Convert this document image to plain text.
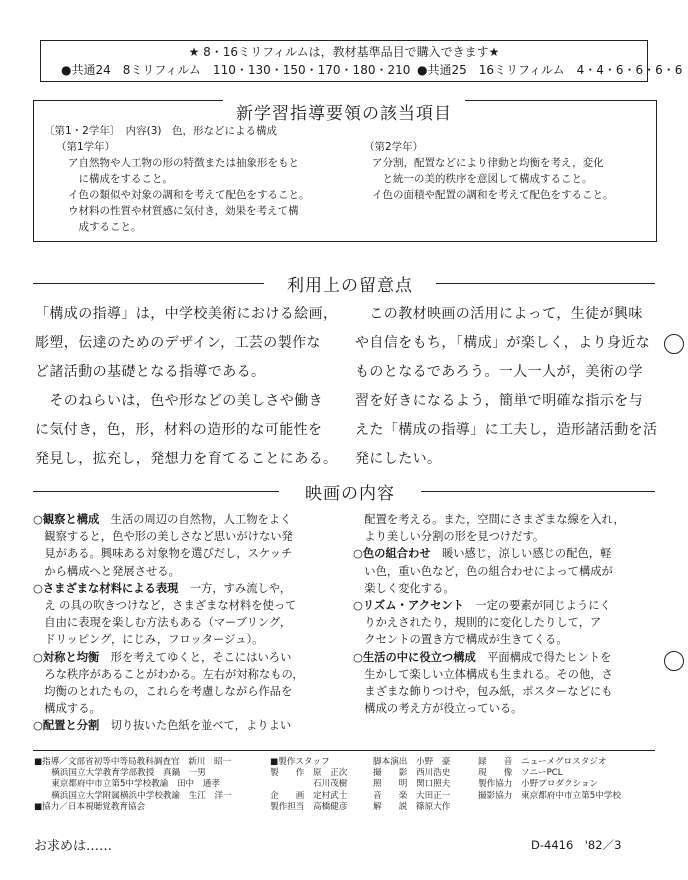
★ 8・16ミリフィルムは，教材基準品目で購入できます★
●共通24　8ミリフィルム　110・130・150・170・180・210 ●共通25　16ミリフィルム　4・4・6・6・6・6
新学習指導要領の該当項目
〔第1・2学年〕　内容(3)　色，形などによる構成
（第1学年）
ア自然物や人工物の形の特徴または抽象形をもと
　に構成をすること。
イ色の類似や対象の調和を考えて配色をすること。
ウ材料の性質や材質感に気付き，効果を考えて構
　成すること。
（第2学年）
ア分割，配置などにより律動と均衡を考え，変化
　と統一の美的秩序を意図して構成すること。
イ色の面積や配置の調和を考えて配色をすること。
利用上の留意点
「構成の指導」は，中学校美術における絵画，
彫塑，伝達のためのデザイン，工芸の製作な
ど諸活動の基礎となる指導である。
　そのねらいは，色や形などの美しさや働き
に気付き，色，形，材料の造形的な可能性を
発見し，拡充し，発想力を育てることにある。
　この教材映画の活用によって，生徒が興味
や自信をもち，「構成」が楽しく，より身近な
ものとなるであろう。一人一人が，美術の学
習を好きになるよう，簡単で明確な指示を与
えた「構成の指導」に工夫し，造形諸活動を活
発にしたい。
映画の内容
○観察と構成　生活の周辺の自然物，人工物をよく
　観察すると，色や形の美しさなど思いがけない発
　見がある。興味ある対象物を選びだし，スケッチ
　から構成へと発展させる。
○さまざまな材料による表現　一方，すみ流しや，
　え の具の吹きつけなど，さまざまな材料を使って
　自由に表現を楽しむ方法もある（マーブリング，
　ドリッピング，にじみ，フロッタージュ）。
○対称と均衡　形を考えてゆくと，そこにはいろい
　ろな秩序があることがわかる。左右が対称なもの，
　均衡のとれたもの，これらを考慮しながら作品を
　構成する。
○配置と分割　切り抜いた色紙を並べて，よりよい
　配置を考える。また，空間にさまざまな線を入れ，
　より美しい分割の形を見つけだす。
○色の組合わせ　暖い感じ，涼しい感じの配色，軽
　い色，重い色など，色の組合わせによって構成が
　楽しく変化する。
○リズム・アクセント　一定の要素が同じようにく
　りかえされたり，規則的に変化したりして，ア
　クセントの置き方で構成が生きてくる。
○生活の中に役立つ構成　平面構成で得たヒントを
　生かして楽しい立体構成も生まれる。その他，さ
　まざまな飾りつけや，包み紙，ポスターなどにも
　構成の考え方が役立っている。
■指導／文部省初等中等局教科調査官　新川　昭一
　　横浜国立大学教育学部教授　真鍋　一男
　　東京都府中市立第5中学校教諭　田中　通孝
　　横浜国立大学附属横浜中学校教諭　生江　洋一
■協力／日本視聴覚教育協会
■製作スタッフ
製　　作　原　正次
　　　　　石川茂樹
企　　画　定村武士
製作担当　高橋健彦
脚本演出　小野　豪
撮　　影　西川浩史
照　　明　関口照夫
音　　楽　大田正一
解　　説　篠原大作
録　　音　ニューメグロスタジオ
現　　像　ソニーPCL
製作協力　小野プロダクション
撮影協力　東京都府中市立第5中学校
お求めは……	D-4416　'82／3
